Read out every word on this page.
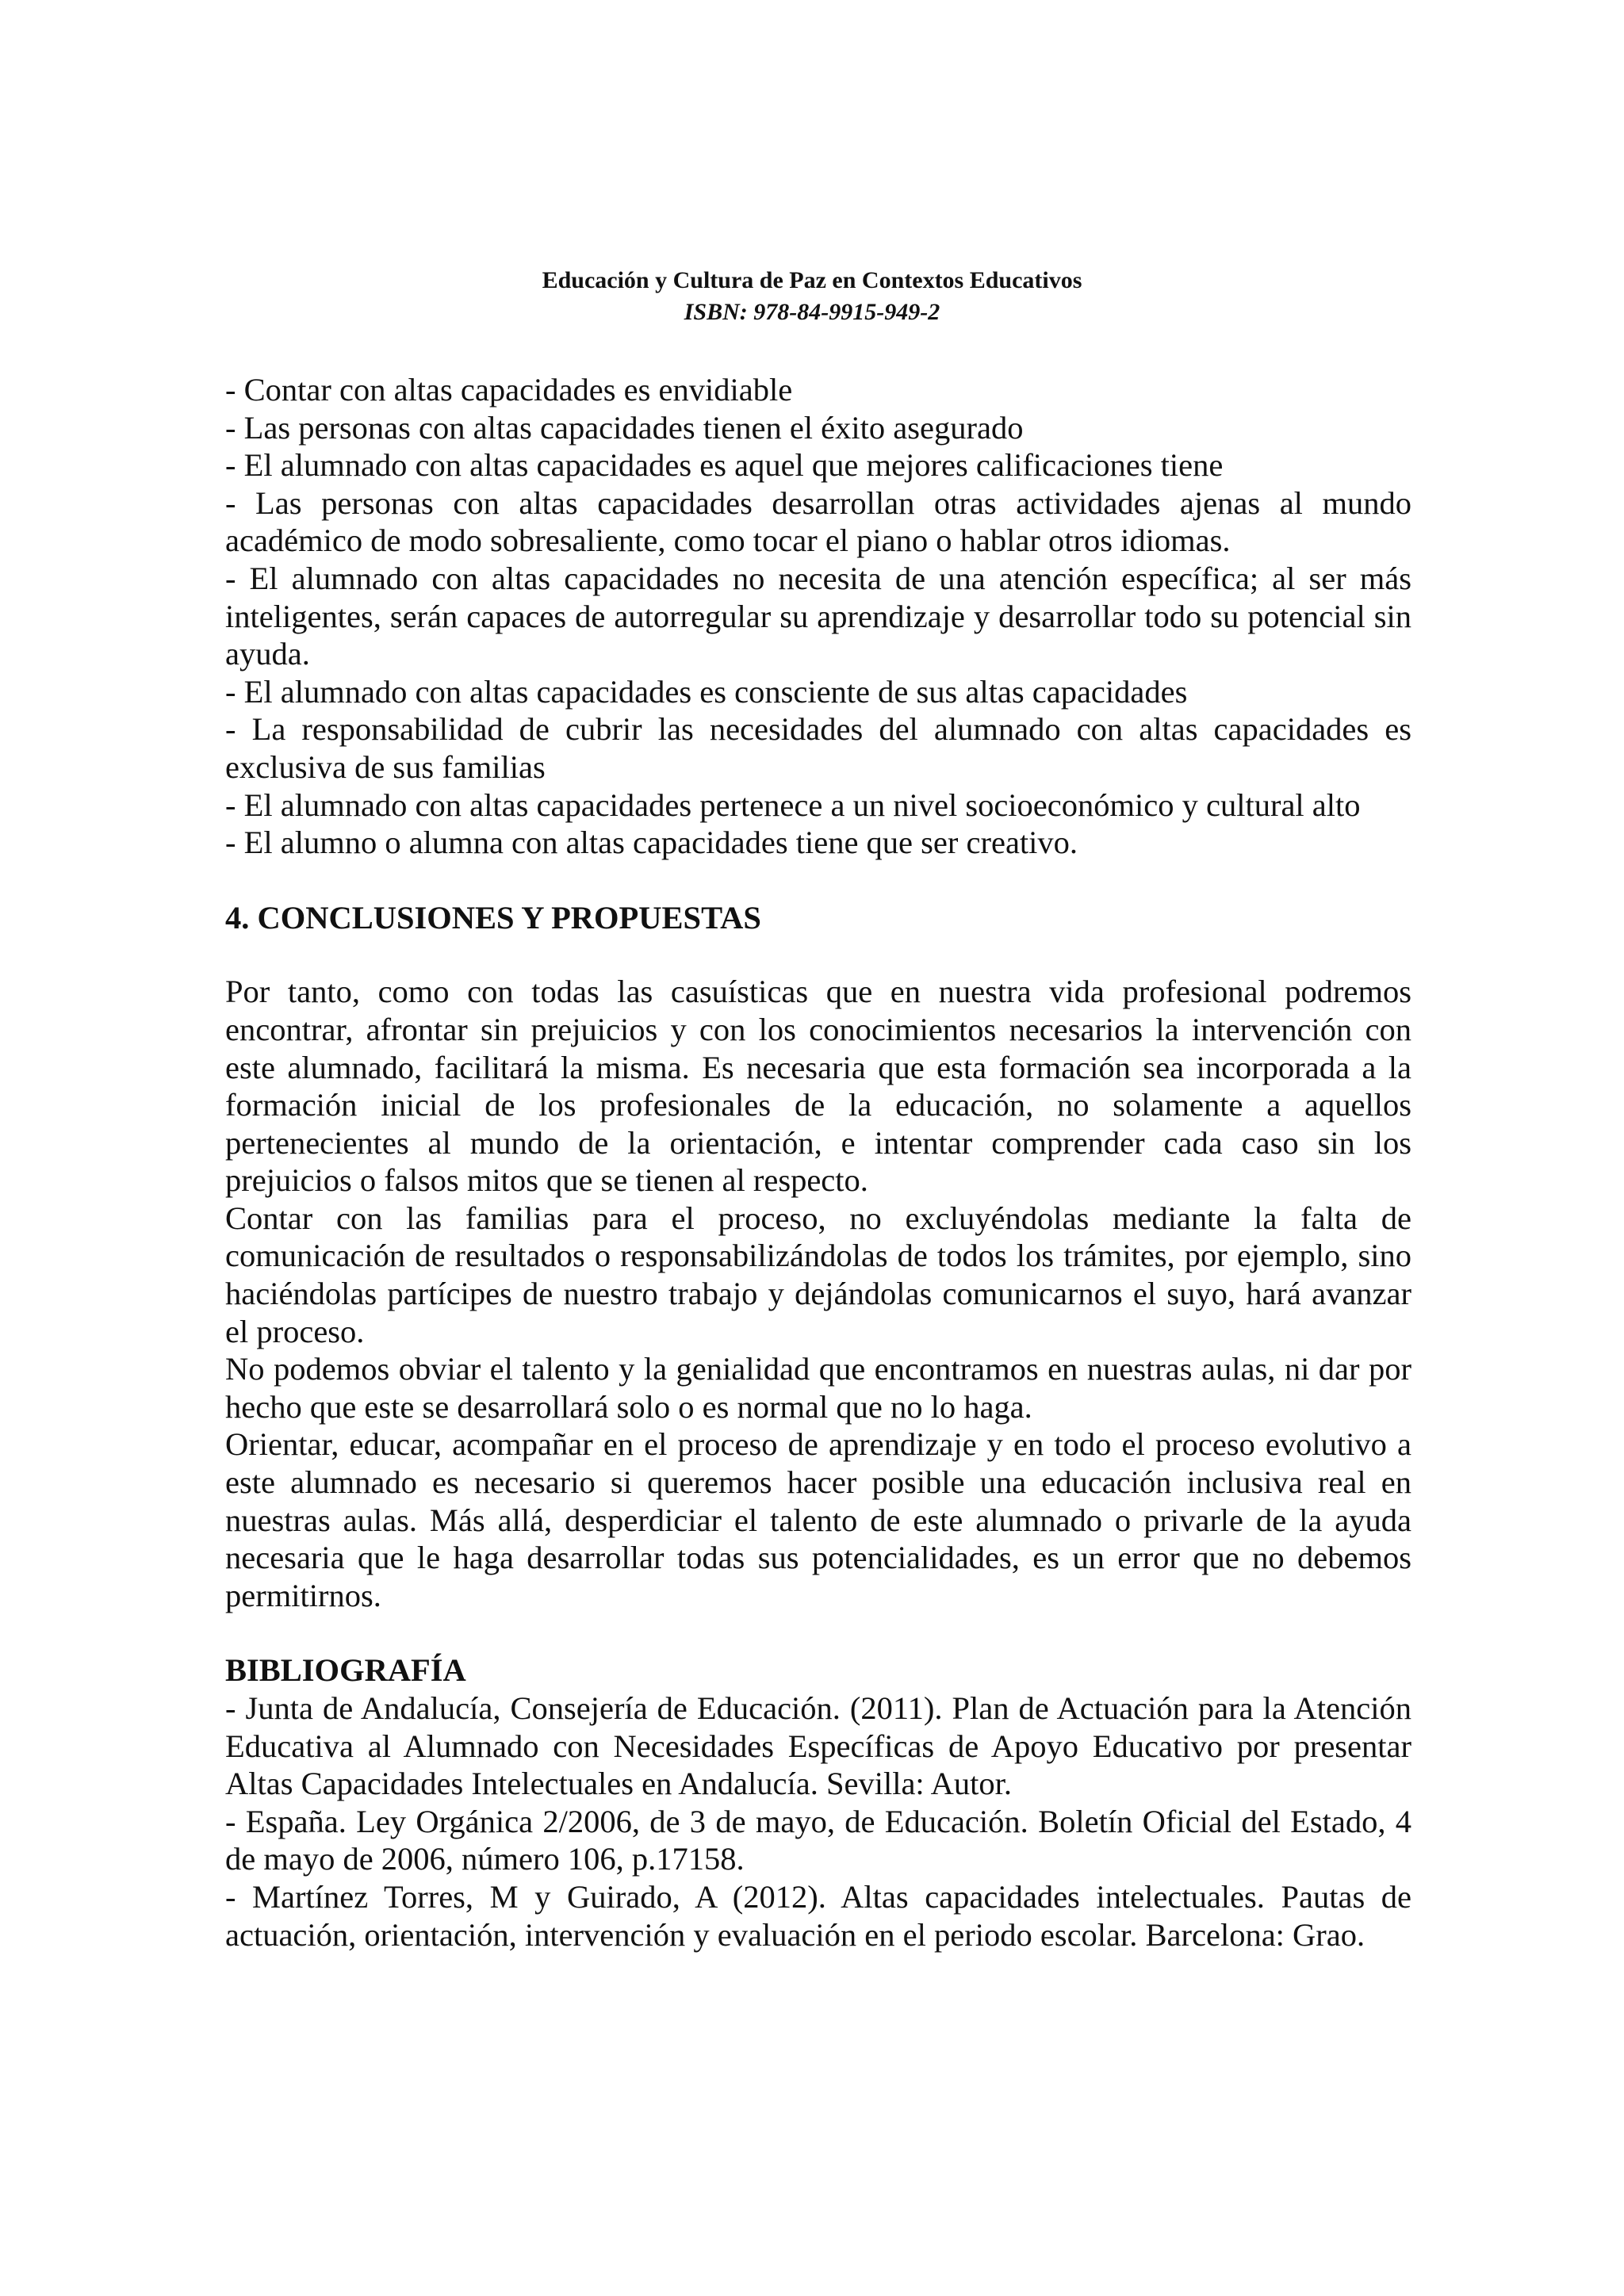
Educación y Cultura de Paz en Contextos Educativos
ISBN: 978-84-9915-949-2

- Contar con altas capacidades es envidiable

- Las personas con altas capacidades tienen el éxito asegurado

- El alumnado con altas capacidades es aquel que mejores calificaciones tiene

- Las personas con altas capacidades desarrollan otras actividades ajenas al mundo académico de modo sobresaliente, como tocar el piano o hablar otros idiomas.

- El alumnado con altas capacidades no necesita de una atención específica; al ser más inteligentes, serán capaces de autorregular su aprendizaje y desarrollar todo su potencial sin ayuda.

- El alumnado con altas capacidades es consciente de sus altas capacidades

- La responsabilidad de cubrir las necesidades del alumnado con altas capacidades es exclusiva de sus familias

- El alumnado con altas capacidades pertenece a un nivel socioeconómico y cultural alto

- El alumno o alumna con altas capacidades tiene que ser creativo.

4. CONCLUSIONES Y PROPUESTAS

Por tanto, como con todas las casuísticas que en nuestra vida profesional podremos encontrar, afrontar sin prejuicios y con los conocimientos necesarios la intervención con este alumnado, facilitará la misma. Es necesaria que esta formación sea incorporada a la formación inicial de los profesionales de la educación, no solamente a aquellos pertenecientes al mundo de la orientación, e intentar comprender cada caso sin los prejuicios o falsos mitos que se tienen al respecto.

Contar con las familias para el proceso, no excluyéndolas mediante la falta de comunicación de resultados o responsabilizándolas de todos los trámites, por ejemplo, sino haciéndolas partícipes de nuestro trabajo y dejándolas comunicarnos el suyo, hará avanzar el proceso.

No podemos obviar el talento y la genialidad que encontramos en nuestras aulas, ni dar por hecho que este se desarrollará solo o es normal que no lo haga.

Orientar, educar, acompañar en el proceso de aprendizaje y en todo el proceso evolutivo a este alumnado es necesario si queremos hacer posible una educación inclusiva real en nuestras aulas. Más allá, desperdiciar el talento de este alumnado o privarle de la ayuda necesaria que le haga desarrollar todas sus potencialidades, es un error que no debemos permitirnos.

BIBLIOGRAFÍA

- Junta de Andalucía, Consejería de Educación. (2011). Plan de Actuación para la Atención Educativa al Alumnado con Necesidades Específicas de Apoyo Educativo por presentar Altas Capacidades Intelectuales en Andalucía. Sevilla: Autor.

- España. Ley Orgánica 2/2006, de 3 de mayo, de Educación. Boletín Oficial del Estado, 4 de mayo de 2006, número 106, p.17158.

- Martínez Torres, M y Guirado, A (2012). Altas capacidades intelectuales. Pautas de actuación, orientación, intervención y evaluación en el periodo escolar. Barcelona: Grao.
